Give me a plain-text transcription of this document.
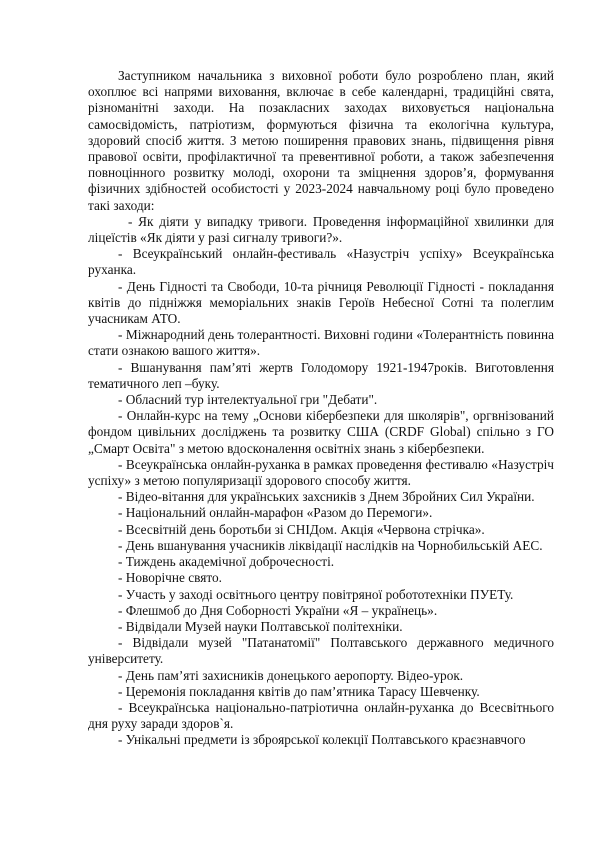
Заступником начальника з виховної роботи було розроблено план, який охоплює всі напрями виховання, включає в себе календарні, традиційні свята, різноманітні заходи. На позакласних заходах виховується національна самосвідомість, патріотизм, формуються фізична та екологічна культура, здоровий спосіб життя. З метою поширення правових знань, підвищення рівня правової освіти, профілактичної та превентивної роботи, а також забезпечення повноцінного розвитку молоді, охорони та зміцнення здоров’я, формування фізичних здібностей особистості у 2023-2024 навчальному році було проведено такі заходи:

- Як діяти у випадку тривоги. Проведення інформаційної хвилинки для ліцеїстів «Як діяти у разі сигналу тривоги?».

- Всеукраїнський онлайн-фестиваль «Назустріч успіху» Всеукраїнська руханка.

- День Гідності та Свободи, 10-та річниця Революції Гідності - покладання квітів до підніжжя меморіальних знаків Героїв Небесної Сотні та полеглим учасникам АТО.

- Міжнародний день толерантності. Виховні години «Толерантність повинна стати ознакою вашого життя».

- Вшанування пам’яті жертв Голодомору 1921-1947років. Виготовлення тематичного леп –буку.

- Обласний тур інтелектуальної гри "Дебати".

- Онлайн-курс на тему „Основи кібербезпеки для школярів", оргвнізований фондом цивільних досліджень та розвитку США (CRDF Global) спільно з ГО „Смарт Освіта" з метою вдосконалення освітніх знань з кібербезпеки.

- Всеукраїнська онлайн-руханка в рамках проведення фестивалю «Назустріч успіху» з метою популяризації здорового способу життя.

- Відео-вітання для українських захсників з Днем Збройних Сил України.

- Національний онлайн-марафон «Разом до Перемоги».

- Всесвітній день боротьби зі СНІДом. Акція «Червона стрічка».

- День вшанування учасників ліквідації наслідків на Чорнобильській АЕС.

- Тиждень академічної доброчесності.

- Новорічне свято.

- Участь у заході освітнього центру повітряної робототехніки ПУЕТу.

- Флешмоб до Дня Соборності України «Я – українець».

- Відвідали Музей науки Полтавської політехніки.

- Відвідали музей "Патанатомії" Полтавського державного медичного університету.

- День пам’яті захисників донецького аеропорту. Відео-урок.

- Церемонія покладання квітів до пам’ятника Тарасу Шевченку.

- Всеукраїнська національно-патріотична онлайн-руханка до Всесвітнього дня руху заради здоров`я.

- Унікальні предмети із зброярської колекції Полтавського краєзнавчого
